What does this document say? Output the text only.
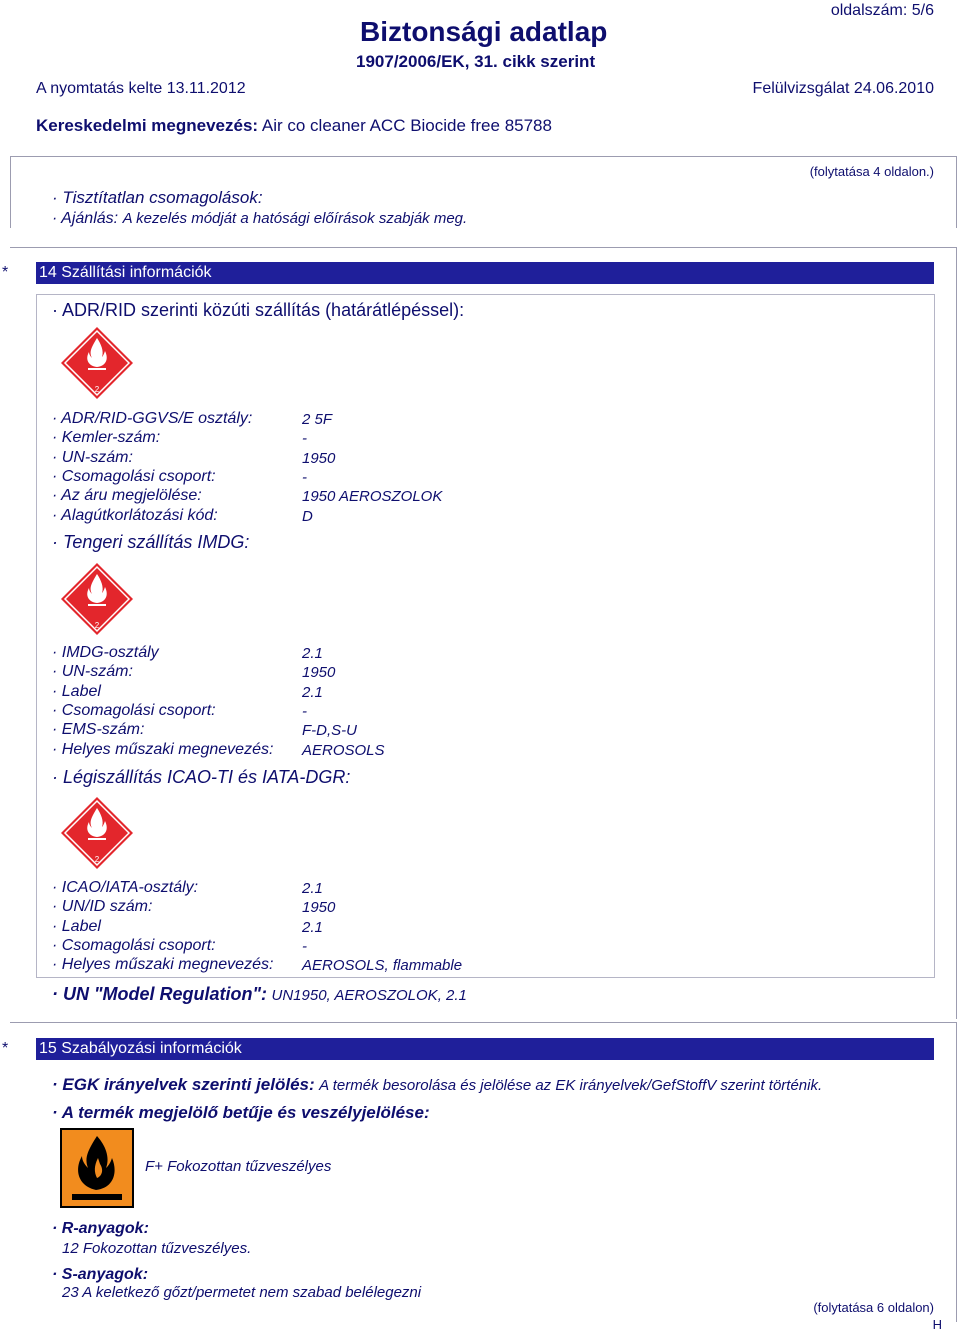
oldalszám: 5/6
Biztonsági adatlap
1907/2006/EK, 31. cikk szerint
A nyomtatás kelte 13.11.2012	Felülvizsgálat 24.06.2010
Kereskedelmi megnevezés: Air co cleaner ACC Biocide free 85788
(folytatása 4 oldalon.)
· Tisztítatlan csomagolások:
· Ajánlás: A kezelés módját a hatósági előírások szabják meg.
* 14 Szállítási információk
· ADR/RID szerinti közúti szállítás (határátlépéssel):
2
· ADR/RID-GGVS/E osztály:	2 5F
· Kemler-szám:	-
· UN-szám:	1950
· Csomagolási csoport:	-
· Az áru megjelölése:	1950 AEROSZOLOK
· Alagútkorlátozási kód:	D
· Tengeri szállítás IMDG:
2
· IMDG-osztály	2.1
· UN-szám:	1950
· Label	2.1
· Csomagolási csoport:	-
· EMS-szám:	F-D,S-U
· Helyes műszaki megnevezés: AEROSOLS
· Légiszállítás ICAO-TI és IATA-DGR:
2
· ICAO/IATA-osztály:	2.1
· UN/ID szám:	1950
· Label	2.1
· Csomagolási csoport:	-
· Helyes műszaki megnevezés: AEROSOLS, flammable
· UN "Model Regulation": UN1950, AEROSZOLOK, 2.1
* 15 Szabályozási információk
· EGK irányelvek szerinti jelölés: A termék besorolása és jelölése az EK irányelvek/GefStoffV szerint történik.
· A termék megjelölő betűje és veszélyjelölése:
F+ Fokozottan tűzveszélyes
· R-anyagok:
12 Fokozottan tűzveszélyes.
· S-anyagok:
23 A keletkező gőzt/permetet nem szabad belélegezni
(folytatása 6 oldalon)
H
